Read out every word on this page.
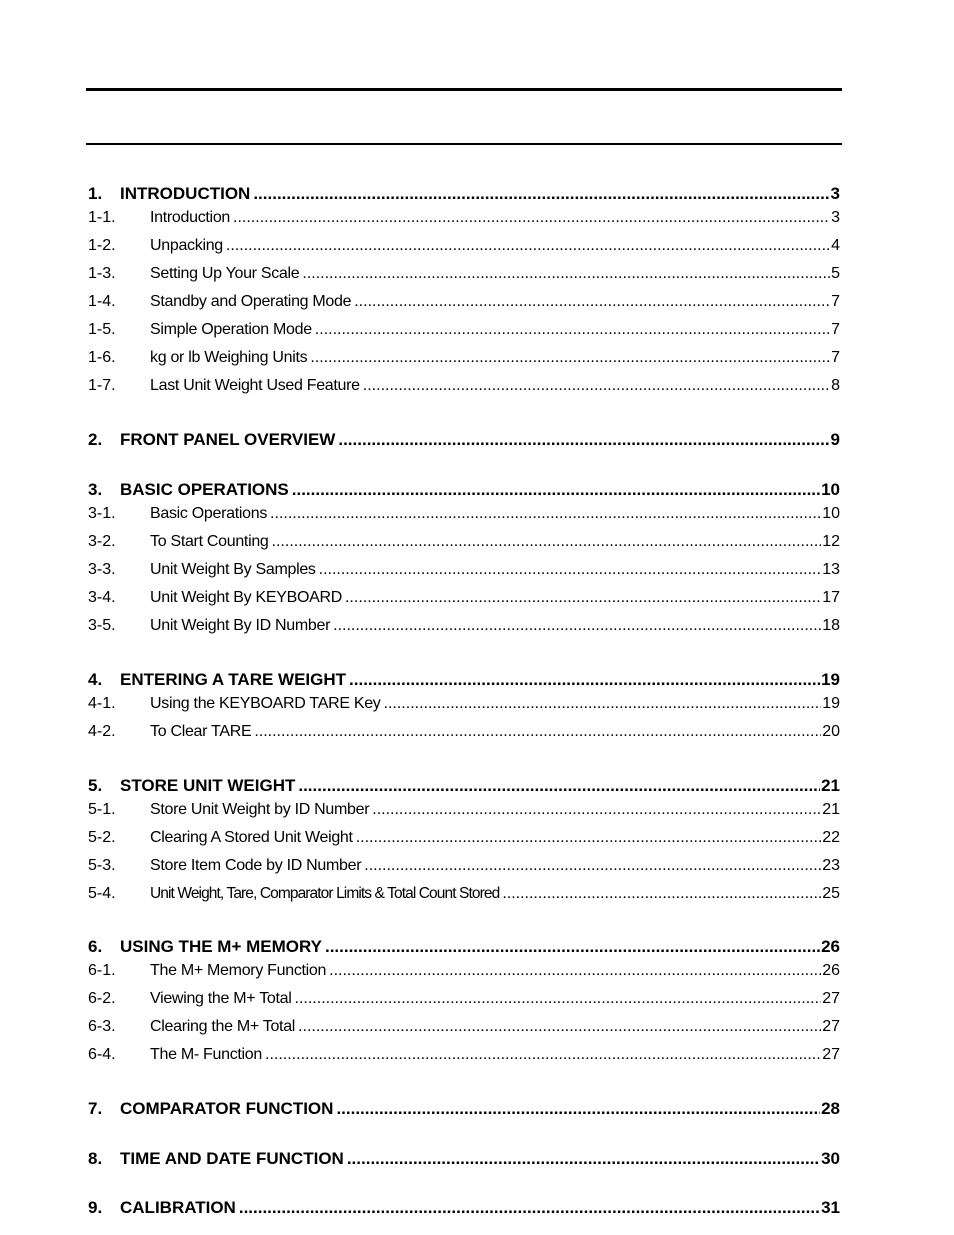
1.	INTRODUCTION .....	3
1-1.	Introduction .....	3
1-2.	Unpacking .....	4
1-3.	Setting Up Your Scale .....	5
1-4.	Standby and Operating Mode .....	7
1-5.	Simple Operation Mode .....	7
1-6.	kg or lb Weighing Units .....	7
1-7.	Last Unit Weight Used Feature .....	8
2.	FRONT PANEL OVERVIEW .....	9
3.	BASIC OPERATIONS .....	10
3-1.	Basic Operations .....	10
3-2.	To Start Counting .....	12
3-3.	Unit Weight By Samples .....	13
3-4.	Unit Weight By KEYBOARD .....	17
3-5.	Unit Weight By ID Number .....	18
4.	ENTERING A TARE WEIGHT .....	19
4-1.	Using the KEYBOARD TARE Key .....	19
4-2.	To Clear TARE .....	20
5.	STORE UNIT WEIGHT .....	21
5-1.	Store Unit Weight by ID Number .....	21
5-2.	Clearing A Stored Unit Weight .....	22
5-3.	Store Item Code by ID Number .....	23
5-4.	Unit Weight, Tare, Comparator Limits & Total Count Stored .....	25
6.	USING THE M+ MEMORY .....	26
6-1.	The M+ Memory Function .....	26
6-2.	Viewing the M+ Total .....	27
6-3.	Clearing the M+ Total .....	27
6-4.	The M- Function .....	27
7.	COMPARATOR FUNCTION .....	28
8.	TIME AND DATE FUNCTION .....	30
9.	CALIBRATION .....	31
